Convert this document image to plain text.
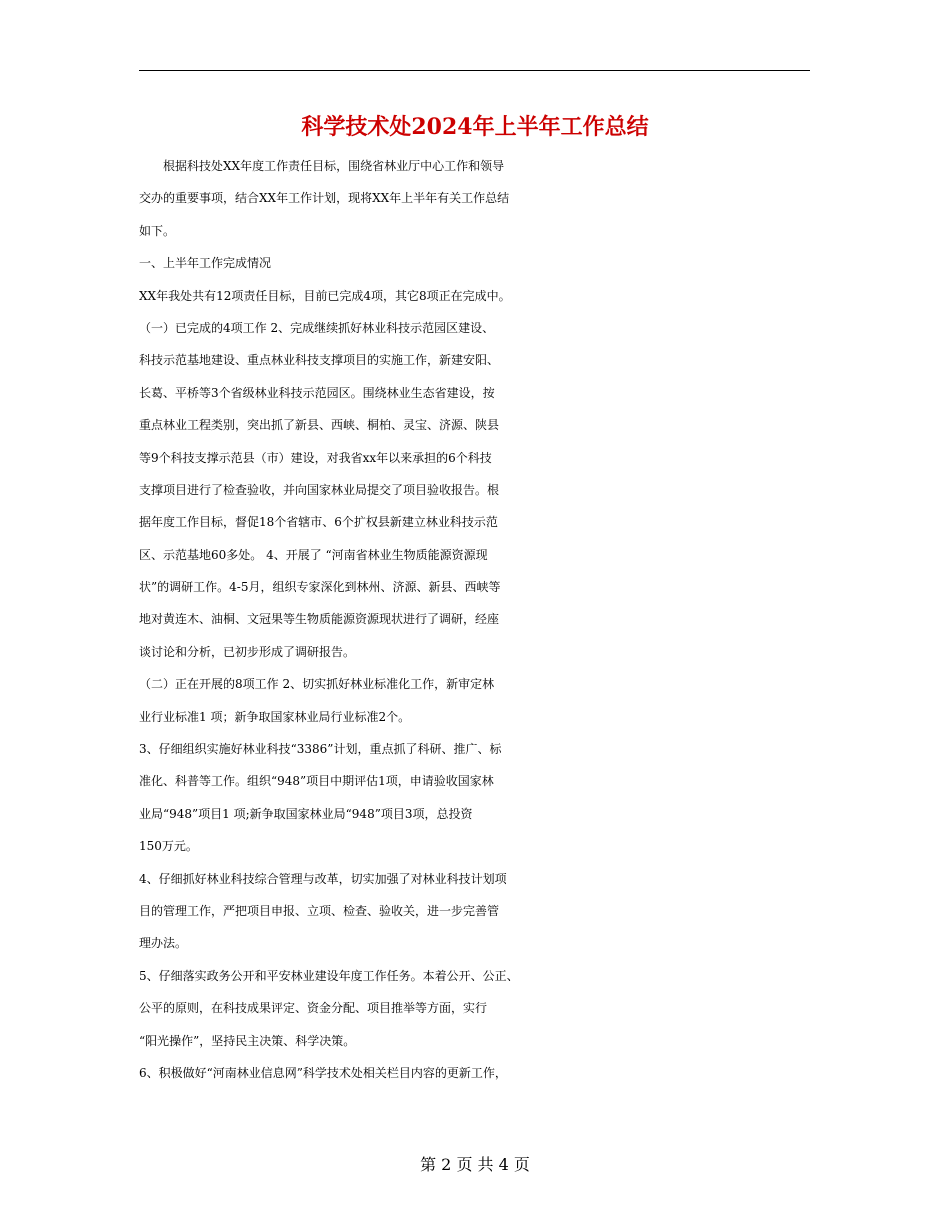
科学技术处2024年上半年工作总结
　　根据科技处XX年度工作责任目标，围绕省林业厅中心工作和领导
交办的重要事项，结合XX年工作计划，现将XX年上半年有关工作总结
如下。
一、上半年工作完成情况
XX年我处共有12项责任目标，目前已完成4项，其它8项正在完成中。
（一）已完成的4项工作 2、完成继续抓好林业科技示范园区建设、
科技示范基地建设、重点林业科技支撑项目的实施工作，新建安阳、
长葛、平桥等3个省级林业科技示范园区。围绕林业生态省建设，按
重点林业工程类别，突出抓了新县、西峡、桐柏、灵宝、济源、陕县
等9个科技支撑示范县（市）建设，对我省xx年以来承担的6个科技
支撑项目进行了检查验收，并向国家林业局提交了项目验收报告。根
据年度工作目标，督促18个省辖市、6个扩权县新建立林业科技示范
区、示范基地60多处。 4、开展了 “河南省林业生物质能源资源现
状”的调研工作。4-5月，组织专家深化到林州、济源、新县、西峡等
地对黄连木、油桐、文冠果等生物质能源资源现状进行了调研，经座
谈讨论和分析，已初步形成了调研报告。
（二）正在开展的8项工作 2、切实抓好林业标准化工作，新审定林
业行业标准1 项；新争取国家林业局行业标准2个。
3、仔细组织实施好林业科技“3386”计划，重点抓了科研、推广、标
准化、科普等工作。组织“948”项目中期评估1项，申请验收国家林
业局“948”项目1 项;新争取国家林业局“948”项目3项，总投资
150万元。
4、仔细抓好林业科技综合管理与改革，切实加强了对林业科技计划项
目的管理工作，严把项目申报、立项、检查、验收关，进一步完善管
理办法。
5、仔细落实政务公开和平安林业建设年度工作任务。本着公开、公正、
公平的原则，在科技成果评定、资金分配、项目推举等方面，实行
“阳光操作”，坚持民主决策、科学决策。
6、积极做好“河南林业信息网”科学技术处相关栏目内容的更新工作，
第 2 页 共 4 页
